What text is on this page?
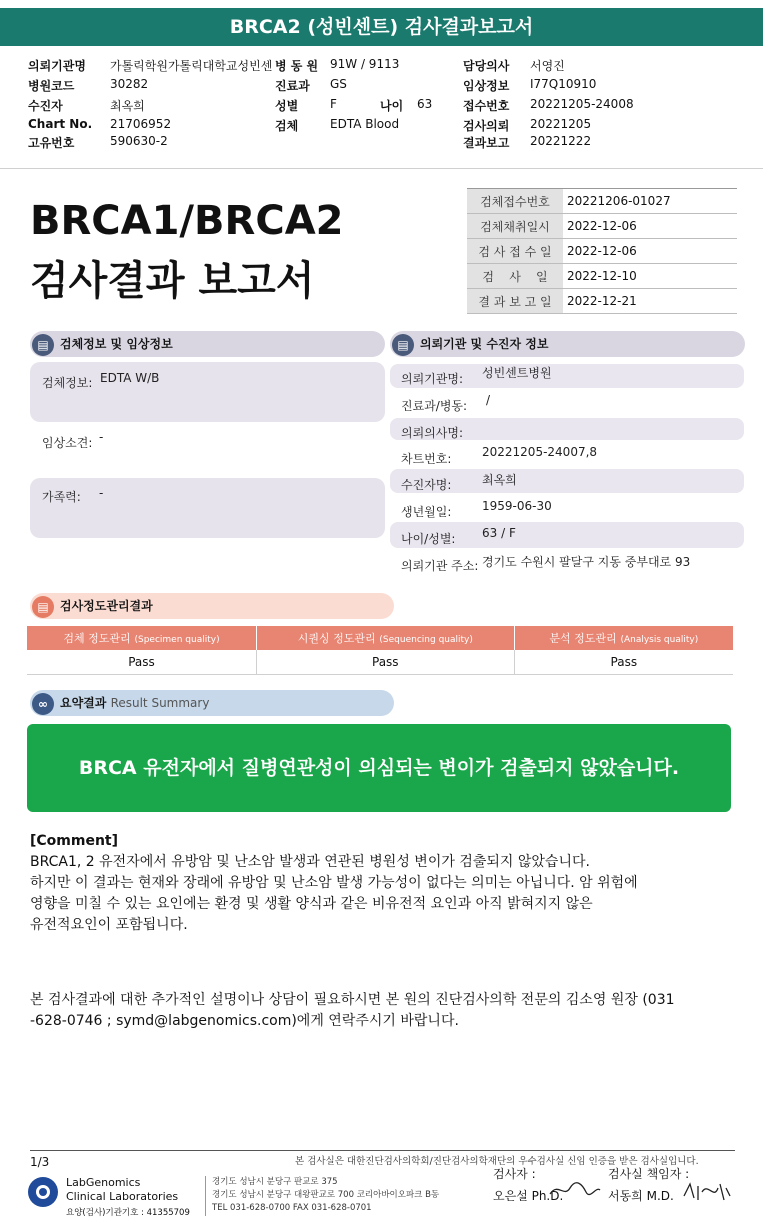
BRCA2 (성빈센트) 검사결과보고서
의뢰기관명 가톨릭학원가톨릭대학교성빈센
병원코드	30282
수진자	최옥희
Chart No. 21706952
고유번호	590630-2
병 동 원 91W / 9113
진료과 GS
성별	F	나이 63
검체	EDTA Blood
담당의사 서영진
임상정보 I77Q10910
접수번호 20221205-24008
검사의뢰 20221205
결과보고 20221222
BRCA1/BRCA2
검사결과 보고서
검체접수번호	20221206-01027
검체채취일시	2022-12-06
검 사 접 수 일	2022-12-06
검    사    일	2022-12-10
결 과 보 고 일	2022-12-21
▤ 검체정보 및 임상정보
검체정보: EDTA W/B
임상소견: -
가족력: -
▤ 의뢰기관 및 수진자 정보
의뢰기관명: 성빈센트병원
진료과/병동: /
의뢰의사명:
차트번호:	20221205-24007,8
수진자명:	최옥희
생년월일:	1959-06-30
나이/성별: 63 / F
의뢰기관 주소: 경기도 수원시 팔달구 지동 중부대로 93
▤ 검사정도관리결과
검체 정도관리 (Specimen quality)	시퀀싱 정도관리 (Sequencing quality)	분석 정도관리 (Analysis quality)
Pass	Pass	Pass
∞ 요약결과 Result Summary
BRCA 유전자에서 질병연관성이 의심되는 변이가 검출되지 않았습니다.
[Comment]
BRCA1, 2 유전자에서 유방암 및 난소암 발생과 연관된 병원성 변이가 검출되지 않았습니다.
하지만 이 결과는 현재와 장래에 유방암 및 난소암 발생 가능성이 없다는 의미는 아닙니다. 암 위험에
영향을 미칠 수 있는 요인에는 환경 및 생활 양식과 같은 비유전적 요인과 아직 밝혀지지 않은
유전적요인이 포함됩니다.
본 검사결과에 대한 추가적인 설명이나 상담이 필요하시면 본 원의 진단검사의학 전문의 김소영 원장 (031
-628-0746 ; symd@labgenomics.com)에게 연락주시기 바랍니다.
본 검사실은 대한진단검사의학회/진단검사의학재단의 우수검사실 신임 인증을 받은 검사실입니다.
1/3
LabGenomics
Clinical Laboratories
요양(검사)기관기호 : 41355709
경기도 성남시 분당구 판교로 375
경기도 성남시 분당구 대왕판교로 700 코리아바이오파크 B동
TEL 031-628-0700 FAX 031-628-0701
검사자 :
오은설 Ph.D.
검사실 책임자 :
서동희 M.D.
